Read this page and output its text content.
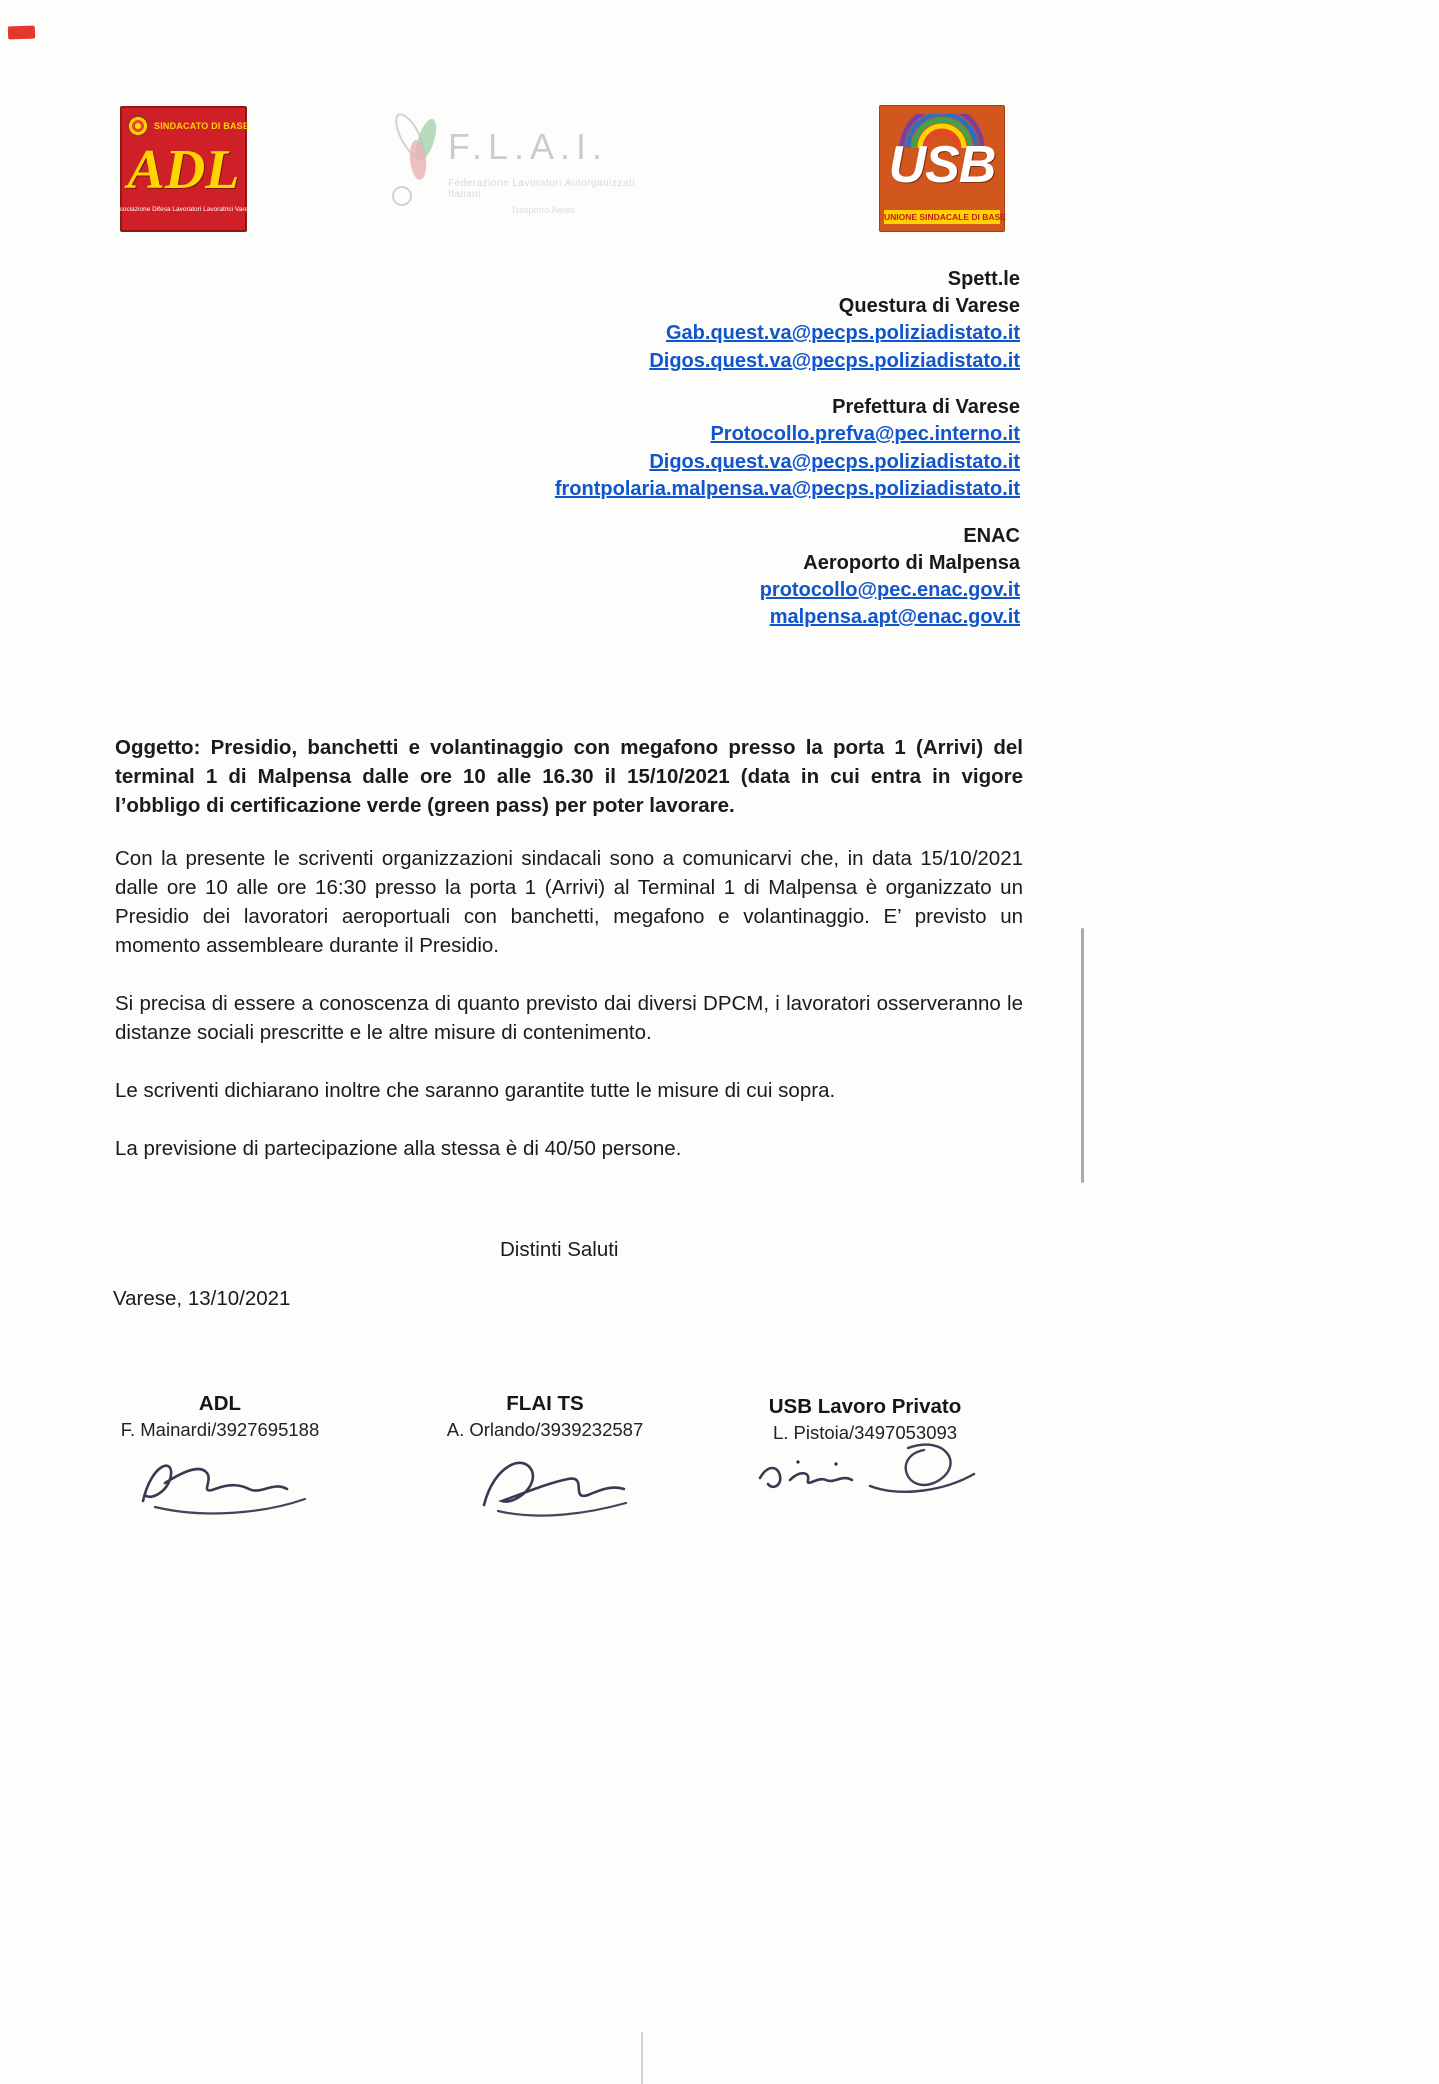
SINDACATO DI BASE
ADL
Associazione Difesa Lavoratori Lavoratrici Varese
F.L.A.I.
Federazione Lavoratori Autorganizzati Italiani
Trasporto Aereo
USB
UNIONE SINDACALE DI BASE
Spett.le
Questura di Varese
Gab.quest.va@pecps.poliziadistato.it
Digos.quest.va@pecps.poliziadistato.it
Prefettura di Varese
Protocollo.prefva@pec.interno.it
Digos.quest.va@pecps.poliziadistato.it
frontpolaria.malpensa.va@pecps.poliziadistato.it
ENAC
Aeroporto di Malpensa
protocollo@pec.enac.gov.it
malpensa.apt@enac.gov.it

Oggetto: Presidio, banchetti e volantinaggio con megafono presso la porta 1 (Arrivi) del terminal 1 di Malpensa dalle ore 10 alle 16.30 il 15/10/2021 (data in cui entra in vigore l’obbligo di certificazione verde (green pass) per poter lavorare.

Con la presente le scriventi organizzazioni sindacali sono a comunicarvi che, in data 15/10/2021 dalle ore 10 alle ore 16:30 presso la porta 1 (Arrivi) al Terminal 1 di Malpensa è organizzato un Presidio dei lavoratori aeroportuali con banchetti, megafono e volantinaggio. E’ previsto un momento assembleare durante il Presidio.

Si precisa di essere a conoscenza di quanto previsto dai diversi DPCM, i lavoratori osserveranno le distanze sociali prescritte e le altre misure di contenimento.

Le scriventi dichiarano inoltre che saranno garantite tutte le misure di cui sopra.

La previsione di partecipazione alla stessa è di 40/50 persone.

Distinti Saluti
Varese, 13/10/2021
ADL
F. Mainardi/3927695188
FLAI TS
A. Orlando/3939232587
USB Lavoro Privato
L. Pistoia/3497053093
